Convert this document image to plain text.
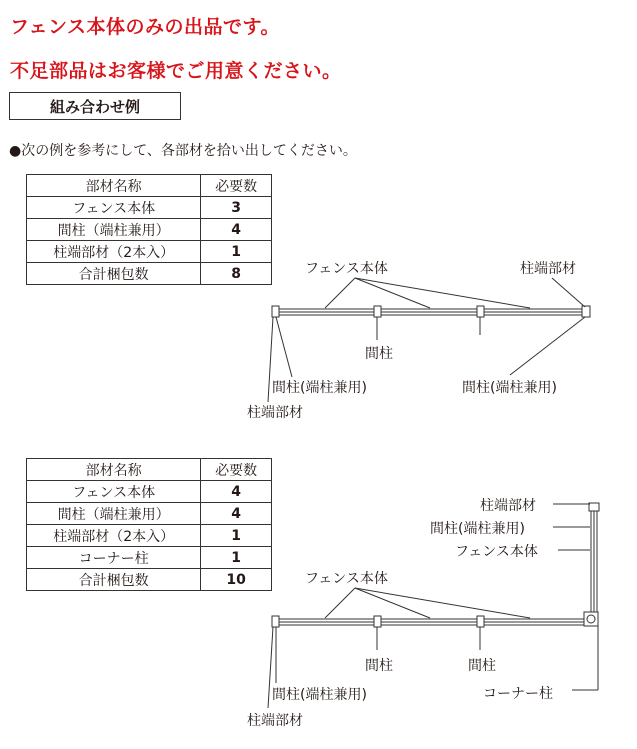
フェンス本体のみの出品です。
不足部品はお客様でご用意ください。
組み合わせ例
●次の例を参考にして、各部材を拾い出してください。
部材名称	必要数
フェンス本体	3
間柱（端柱兼用）	4
柱端部材（2本入）	1
合計梱包数	8
部材名称	必要数
フェンス本体	4
間柱（端柱兼用）	4
柱端部材（2本入）	1
コーナー柱	1
合計梱包数	10
フェンス本体	柱端部材
間柱
間柱(端柱兼用)	間柱(端柱兼用)
柱端部材
柱端部材
間柱(端柱兼用)
フェンス本体
フェンス本体
間柱	間柱
間柱(端柱兼用)	コーナー柱
柱端部材
